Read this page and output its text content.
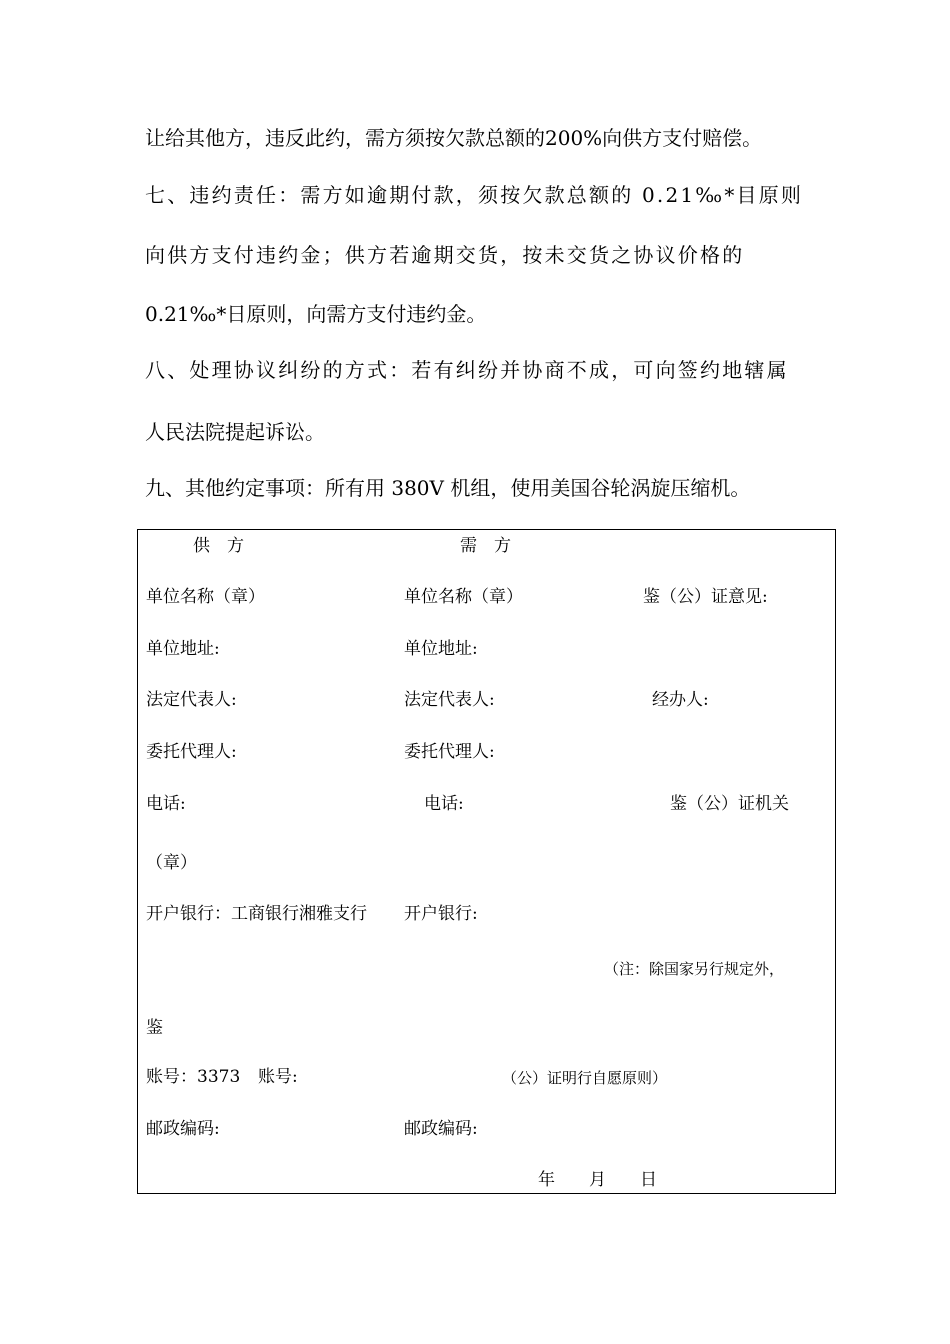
让给其他方，违反此约，需方须按欠款总额的200%向供方支付赔偿。
七、违约责任：需方如逾期付款，须按欠款总额的 0.21‰*目原则
向供方支付违约金；供方若逾期交货，按未交货之协议价格的
0.21‰*日原则，向需方支付违约金。
八、处理协议纠纷的方式：若有纠纷并协商不成，可向签约地辖属
人民法院提起诉讼。
九、其他约定事项：所有用 380V 机组，使用美国谷轮涡旋压缩机。
供　方	需　方
单位名称（章）	单位名称（章）	鉴（公）证意见:
单位地址:	单位地址:
法定代表人:	法定代表人:	经办人:
委托代理人:	委托代理人:
电话:	电话:	鉴（公）证机关
（章）
开户银行：工商银行湘雅支行 开户银行:
（注：除国家另行规定外，
鉴
账号：3373 账号:	（公）证明行自愿原则）
邮政编码:	邮政编码:
年　　月　　日
